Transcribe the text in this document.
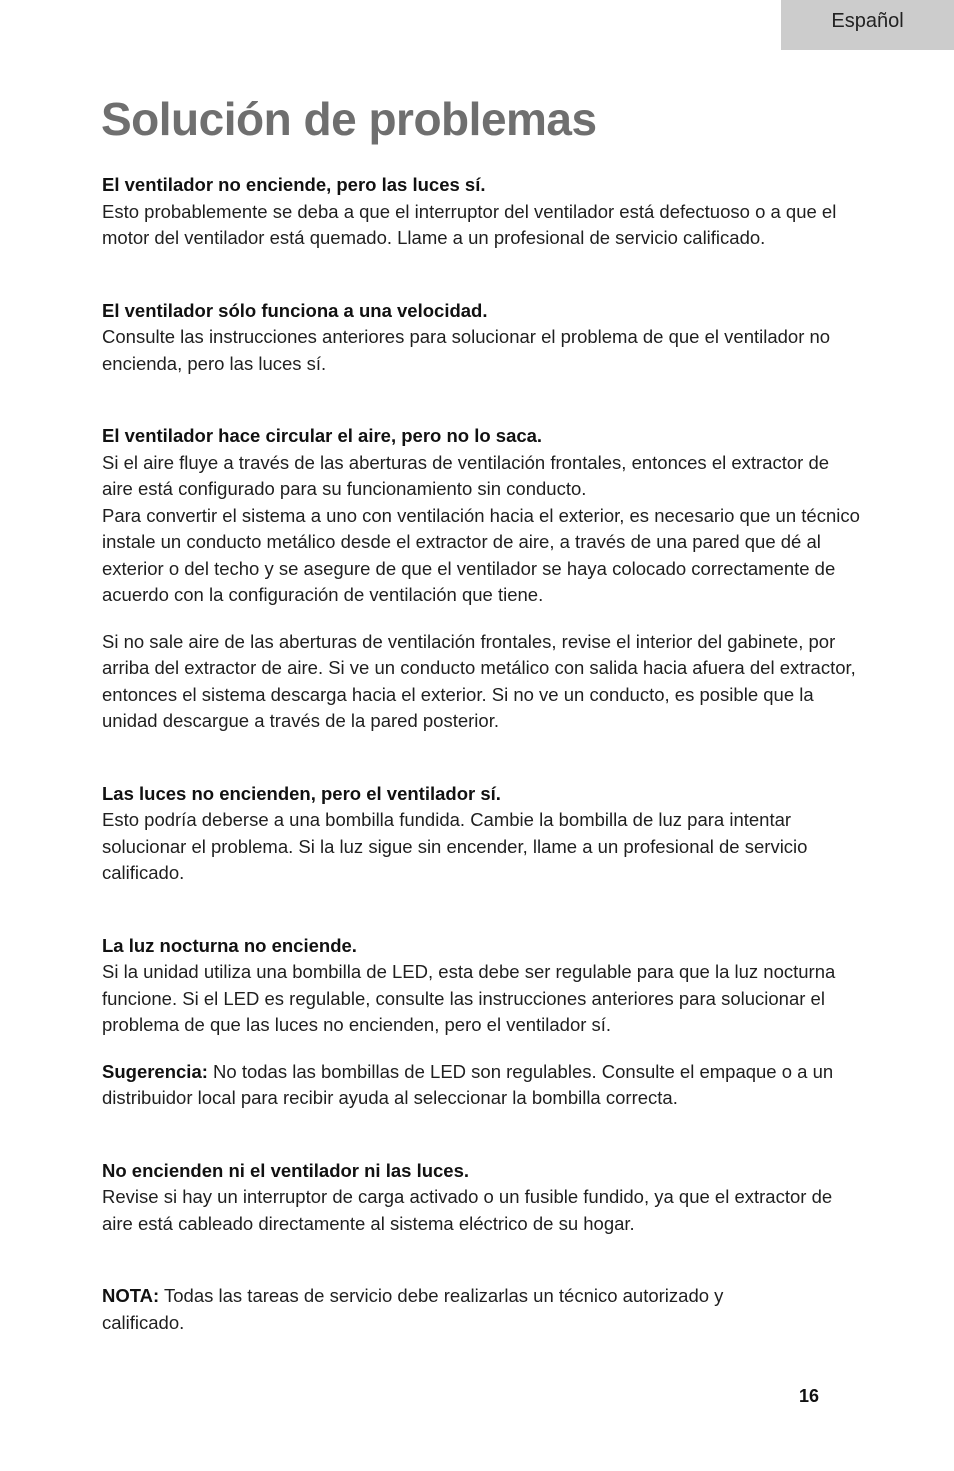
Español
Solución de problemas

El ventilador no enciende, pero las luces sí.

Esto probablemente se deba a que el interruptor del ventilador está defectuoso o a que el motor del ventilador está quemado. Llame a un profesional de servicio calificado.

El ventilador sólo funciona a una velocidad.

Consulte las instrucciones anteriores para solucionar el problema de que el ventilador no encienda, pero las luces sí.

El ventilador hace circular el aire, pero no lo saca.

Si el aire fluye a través de las aberturas de ventilación frontales, entonces el extractor de aire está configurado para su funcionamiento sin conducto.

Para convertir el sistema a uno con ventilación hacia el exterior, es necesario que un técnico instale un conducto metálico desde el extractor de aire, a través de una pared que dé al exterior o del techo y se asegure de que el ventilador se haya colocado correctamente de acuerdo con la configuración de ventilación que tiene.

Si no sale aire de las aberturas de ventilación frontales, revise el interior del gabinete, por arriba del extractor de aire. Si ve un conducto metálico con salida hacia afuera del extractor, entonces el sistema descarga hacia el exterior. Si no ve un conducto, es posible que la unidad descargue a través de la pared posterior.

Las luces no encienden, pero el ventilador sí.

Esto podría deberse a una bombilla fundida. Cambie la bombilla de luz para intentar solucionar el problema. Si la luz sigue sin encender, llame a un profesional de servicio calificado.

La luz nocturna no enciende.

Si la unidad utiliza una bombilla de LED, esta debe ser regulable para que la luz nocturna funcione. Si el LED es regulable, consulte las instrucciones anteriores para solucionar el problema de que las luces no encienden, pero el ventilador sí.

Sugerencia: No todas las bombillas de LED son regulables. Consulte el empaque o a un distribuidor local para recibir ayuda al seleccionar la bombilla correcta.

No encienden ni el ventilador ni las luces.

Revise si hay un interruptor de carga activado o un fusible fundido, ya que el extractor de aire está cableado directamente al sistema eléctrico de su hogar.

NOTA: Todas las tareas de servicio debe realizarlas un técnico autorizado y calificado.

16
